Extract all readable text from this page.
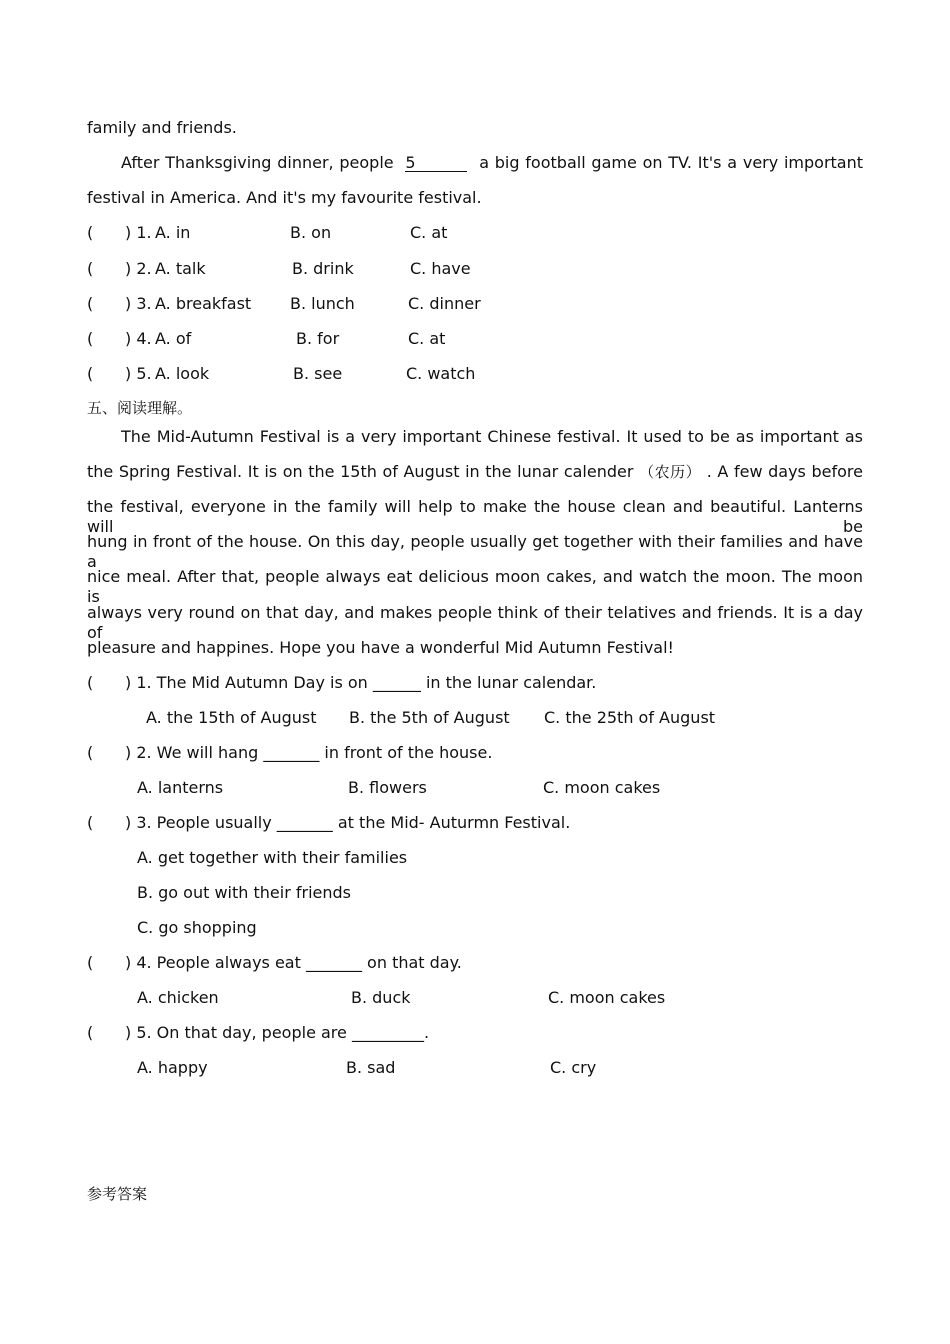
family and friends.
After Thanksgiving dinner, people 5	a big football game on TV. It's a very important
festival in America. And it's my favourite festival.
( ) 1. A. in	B. on	C. at
( ) 2. A. talk	B. drink	C. have
( ) 3. A. breakfast B. lunch	C. dinner
( ) 4. A. of	B. for	C. at
( ) 5. A. look	B. see	C. watch
五、阅读理解。
The Mid-Autumn Festival is a very important Chinese festival. It used to be as important as
the Spring Festival. It is on the 15th of August in the lunar calender （农历） . A few days before
the festival, everyone in the family will help to make the house clean and beautiful. Lanterns will be
hung in front of the house. On this day, people usually get together with their families and have a
nice meal. After that, people always eat delicious moon cakes, and watch the moon. The moon is
always very round on that day, and makes people think of their telatives and friends. It is a day of
pleasure and happines. Hope you have a wonderful Mid Autumn Festival!
( ) 1. The Mid Autumn Day is on ______ in the lunar calendar.
A. the 15th of August B. the 5th of August C. the 25th of August
( ) 2. We will hang _______ in front of the house.
A. lanterns	B. flowers	C. moon cakes
( ) 3. People usually _______ at the Mid- Auturmn Festival.
A. get together with their families
B. go out with their friends
C. go shopping
( ) 4. People always eat _______ on that day.
A. chicken	B. duck	C. moon cakes
( ) 5. On that day, people are _________.
A. happy	B. sad	C. cry
参考答案
